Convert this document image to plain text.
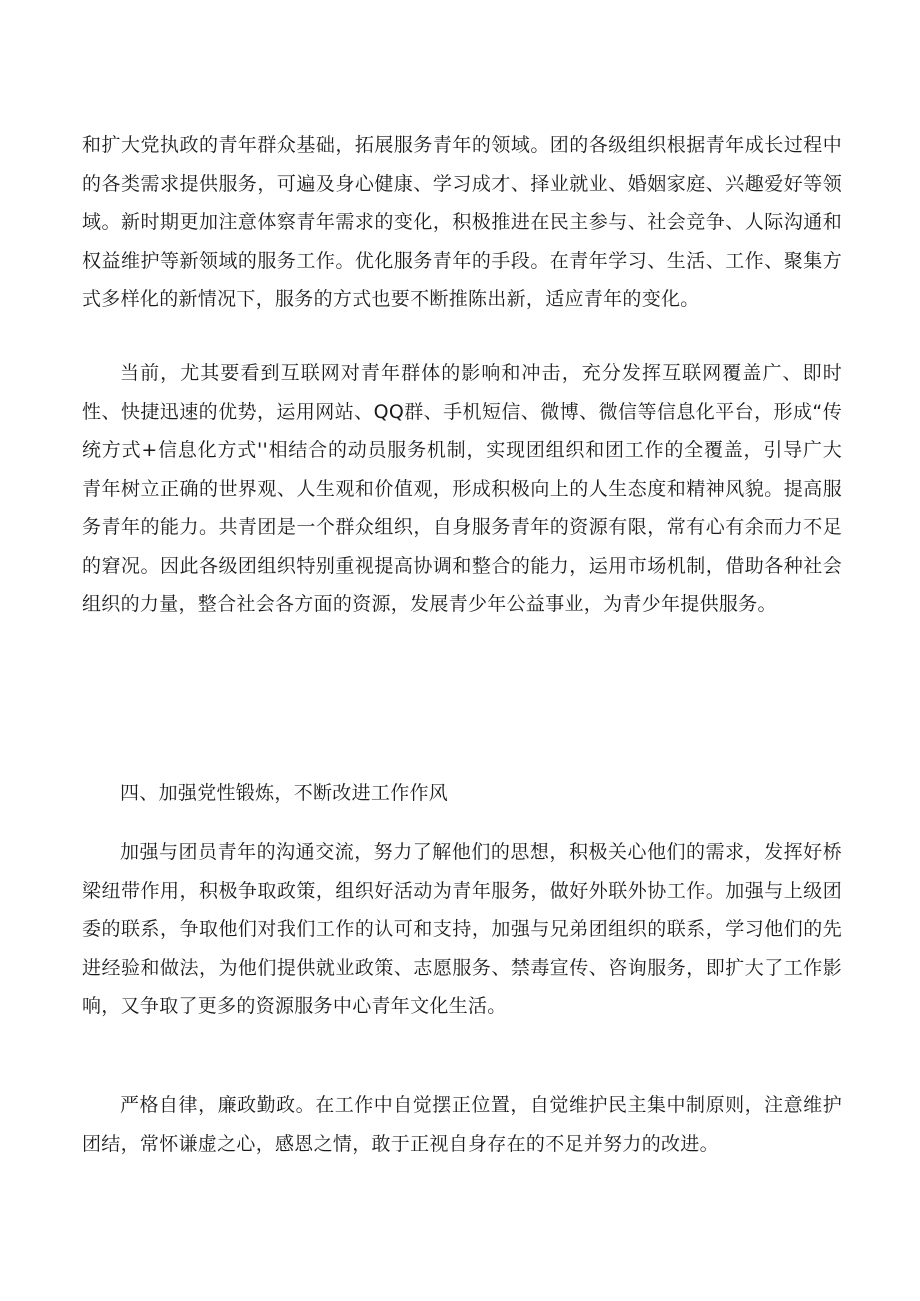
和扩大党执政的青年群众基础，拓展服务青年的领域。团的各级组织根据青年成长过程中的各类需求提供服务，可遍及身心健康、学习成才、择业就业、婚姻家庭、兴趣爱好等领域。新时期更加注意体察青年需求的变化，积极推进在民主参与、社会竞争、人际沟通和权益维护等新领域的服务工作。优化服务青年的手段。在青年学习、生活、工作、聚集方式多样化的新情况下，服务的方式也要不断推陈出新，适应青年的变化。

当前，尤其要看到互联网对青年群体的影响和冲击，充分发挥互联网覆盖广、即时性、快捷迅速的优势，运用网站、QQ群、手机短信、微博、微信等信息化平台，形成“传统方式+信息化方式''相结合的动员服务机制，实现团组织和团工作的全覆盖，引导广大青年树立正确的世界观、人生观和价值观，形成积极向上的人生态度和精神风貌。提高服务青年的能力。共青团是一个群众组织，自身服务青年的资源有限，常有心有余而力不足的窘况。因此各级团组织特别重视提高协调和整合的能力，运用市场机制，借助各种社会组织的力量，整合社会各方面的资源，发展青少年公益事业，为青少年提供服务。

四、加强党性锻炼，不断改进工作作风

加强与团员青年的沟通交流，努力了解他们的思想，积极关心他们的需求，发挥好桥梁纽带作用，积极争取政策，组织好活动为青年服务，做好外联外协工作。加强与上级团委的联系，争取他们对我们工作的认可和支持，加强与兄弟团组织的联系，学习他们的先进经验和做法，为他们提供就业政策、志愿服务、禁毒宣传、咨询服务，即扩大了工作影响，又争取了更多的资源服务中心青年文化生活。

严格自律，廉政勤政。在工作中自觉摆正位置，自觉维护民主集中制原则，注意维护团结，常怀谦虚之心，感恩之情，敢于正视自身存在的不足并努力的改进。
